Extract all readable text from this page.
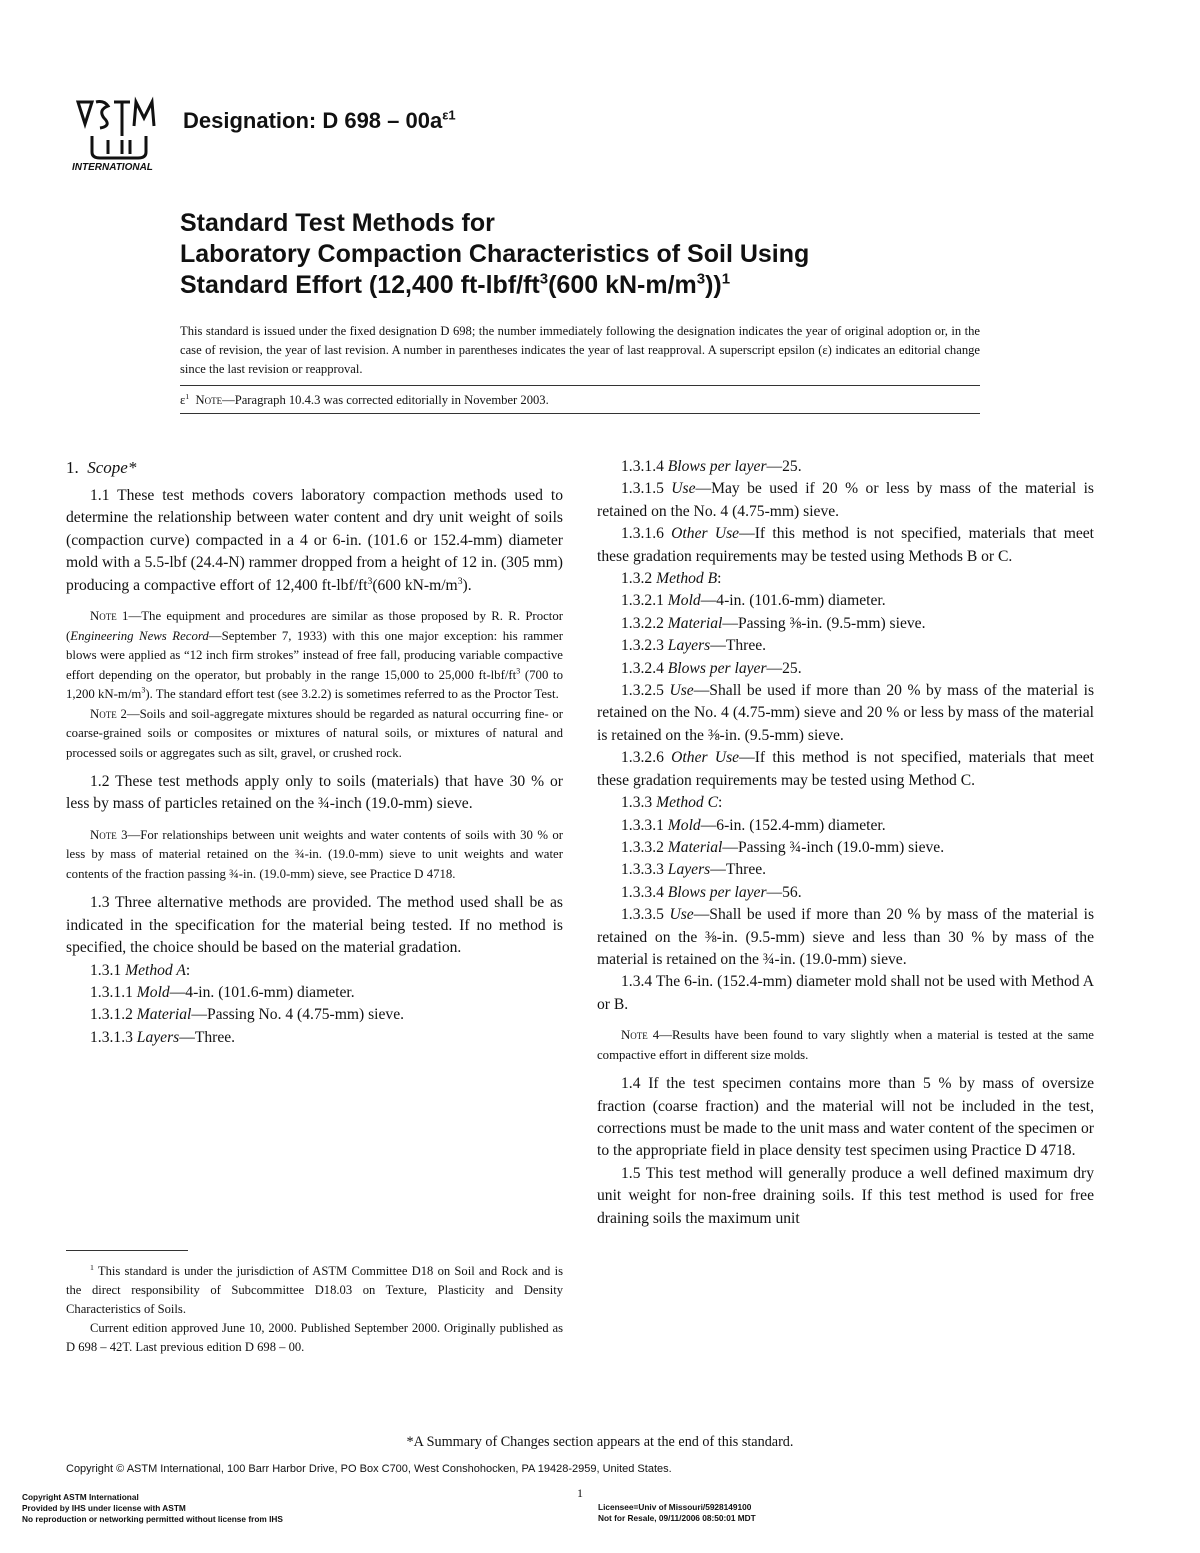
INTERNATIONAL
Designation: D $698 - 00a^{\varepsilon 1}$
Standard Test Methods for
Laboratory Compaction Characteristics of Soil Using
Standard Effort (12,400 $ft-lbf/ft^3(600$ $kN-m/m^3))^1$
This standard is issued under the fixed designation D 698; the number immediately following the designation indicates the year of original adoption or, in the case of revision, the year of last revision. A number in parentheses indicates the year of last reapproval. A superscript epsilon (ε) indicates an editorial change since the last revision or reapproval.
$\varepsilon^1$ Note—Paragraph 10.4.3 was corrected editorially in November 2003.
1. Scope*

1.1 These test methods covers laboratory compaction methods used to determine the relationship between water content and dry unit weight of soils (compaction curve) compacted in a 4 or 6-in. (101.6 or 152.4-mm) diameter mold with a 5.5-lbf (24.4-N) rammer dropped from a height of 12 in. (305 mm) producing a compactive effort of 12,400 $ft-lbf/ft^3(600$ $kN-m/m^3$).

Note 1—The equipment and procedures are similar as those proposed by R. R. Proctor (Engineering News Record—September 7, 1933) with this one major exception: his rammer blows were applied as “12 inch firm strokes” instead of free fall, producing variable compactive effort depending on the operator, but probably in the range 15,000 to 25,000 $ft-lbf/ft^3$ (700 to 1,200 $kN-m/m^3$). The standard effort test (see 3.2.2) is sometimes referred to as the Proctor Test.

Note 2—Soils and soil-aggregate mixtures should be regarded as natural occurring fine- or coarse-grained soils or composites or mixtures of natural soils, or mixtures of natural and processed soils or aggregates such as silt, gravel, or crushed rock.

1.2 These test methods apply only to soils (materials) that have 30 % or less by mass of particles retained on the ¾-inch (19.0-mm) sieve.

Note 3—For relationships between unit weights and water contents of soils with 30 % or less by mass of material retained on the ¾-in. (19.0-mm) sieve to unit weights and water contents of the fraction passing ¾-in. (19.0-mm) sieve, see Practice D 4718.

1.3 Three alternative methods are provided. The method used shall be as indicated in the specification for the material being tested. If no method is specified, the choice should be based on the material gradation.

1.3.1 Method A:

1.3.1.1 Mold—4-in. (101.6-mm) diameter.

1.3.1.2 Material—Passing No. 4 (4.75-mm) sieve.

1.3.1.3 Layers—Three.

$^1$ This standard is under the jurisdiction of ASTM Committee D18 on Soil and Rock and is the direct responsibility of Subcommittee D18.03 on Texture, Plasticity and Density Characteristics of Soils.

Current edition approved June 10, 2000. Published September 2000. Originally published as D 698 – 42T. Last previous edition D 698 – 00.

1.3.1.4 Blows per layer—25.

1.3.1.5 Use—May be used if 20 % or less by mass of the material is retained on the No. 4 (4.75-mm) sieve.

1.3.1.6 Other Use—If this method is not specified, materials that meet these gradation requirements may be tested using Methods B or C.

1.3.2 Method B:

1.3.2.1 Mold—4-in. (101.6-mm) diameter.

1.3.2.2 Material—Passing ⅜-in. (9.5-mm) sieve.

1.3.2.3 Layers—Three.

1.3.2.4 Blows per layer—25.

1.3.2.5 Use—Shall be used if more than 20 % by mass of the material is retained on the No. 4 (4.75-mm) sieve and 20 % or less by mass of the material is retained on the ⅜-in. (9.5-mm) sieve.

1.3.2.6 Other Use—If this method is not specified, materials that meet these gradation requirements may be tested using Method C.

1.3.3 Method C:

1.3.3.1 Mold—6-in. (152.4-mm) diameter.

1.3.3.2 Material—Passing ¾-inch (19.0-mm) sieve.

1.3.3.3 Layers—Three.

1.3.3.4 Blows per layer—56.

1.3.3.5 Use—Shall be used if more than 20 % by mass of the material is retained on the ⅜-in. (9.5-mm) sieve and less than 30 % by mass of the material is retained on the ¾-in. (19.0-mm) sieve.

1.3.4 The 6-in. (152.4-mm) diameter mold shall not be used with Method A or B.

Note 4—Results have been found to vary slightly when a material is tested at the same compactive effort in different size molds.

1.4 If the test specimen contains more than 5 % by mass of oversize fraction (coarse fraction) and the material will not be included in the test, corrections must be made to the unit mass and water content of the specimen or to the appropriate field in place density test specimen using Practice D 4718.

1.5 This test method will generally produce a well defined maximum dry unit weight for non-free draining soils. If this test method is used for free draining soils the maximum unit

*A Summary of Changes section appears at the end of this standard.
Copyright © ASTM International, 100 Barr Harbor Drive, PO Box C700, West Conshohocken, PA 19428-2959, United States.
1
Copyright ASTM International
Provided by IHS under license with ASTM
No reproduction or networking permitted without license from IHS
Licensee=Univ of Missouri/5928149100
Not for Resale, 09/11/2006 08:50:01 MDT
